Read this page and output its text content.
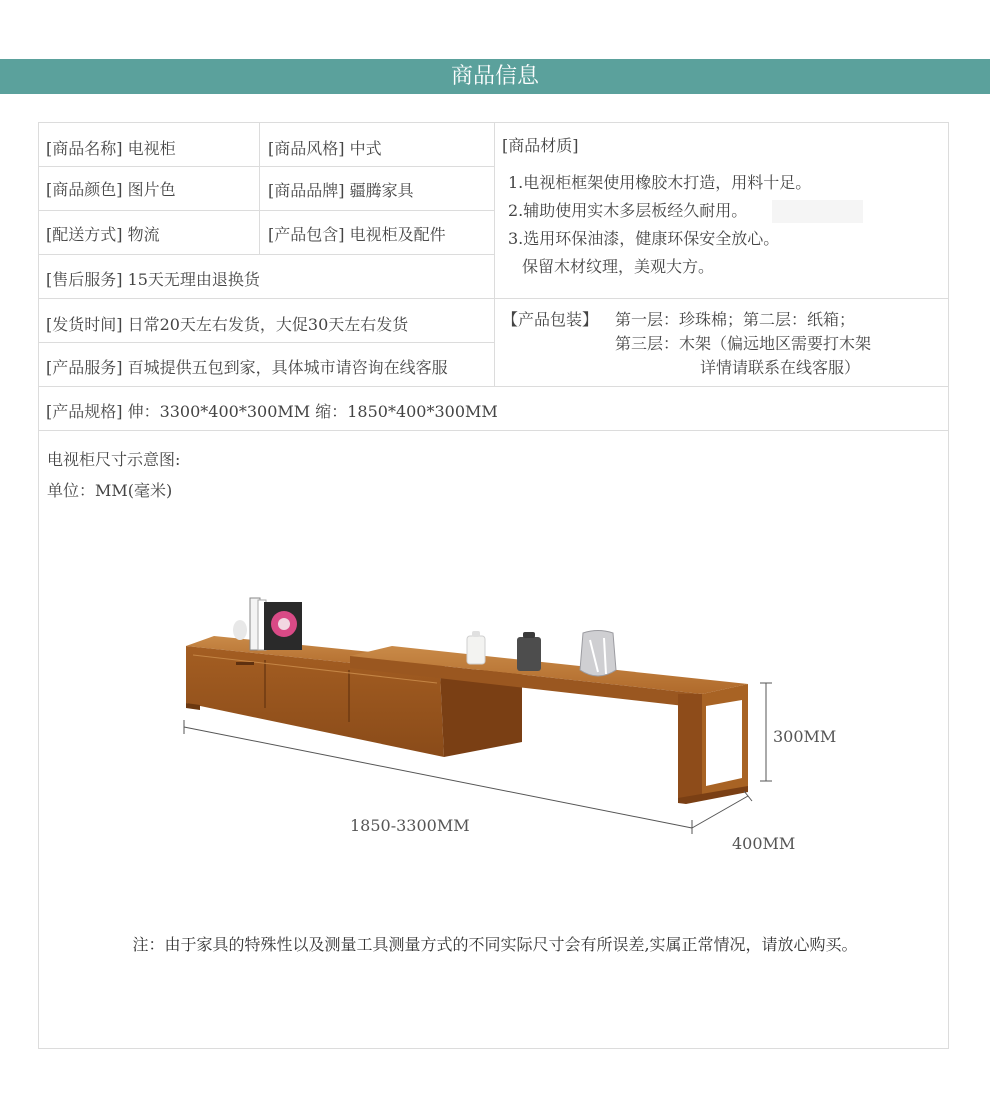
商品信息
[商品名称] 电视柜	[商品风格] 中式
[商品颜色] 图片色	[商品品牌] 疆腾家具
[配送方式] 物流	[产品包含] 电视柜及配件
[售后服务] 15天无理由退换货
[发货时间] 日常20天左右发货，大促30天左右发货
[产品服务] 百城提供五包到家，具体城市请咨询在线客服
[产品规格] 伸：3300*400*300MM 缩：1850*400*300MM
[商品材质]
1.电视柜框架使用橡胶木打造，用料十足。
2.辅助使用实木多层板经久耐用。
3.选用环保油漆，健康环保安全放心。
保留木材纹理，美观大方。
【产品包装】 第一层：珍珠棉；第二层：纸箱；
第三层：木架（偏远地区需要打木架
详情请联系在线客服）
电视柜尺寸示意图:
单位：MM(毫米)
1850-3300MM
300MM
400MM
注：由于家具的特殊性以及测量工具测量方式的不同实际尺寸会有所误差,实属正常情况，请放心购买。
